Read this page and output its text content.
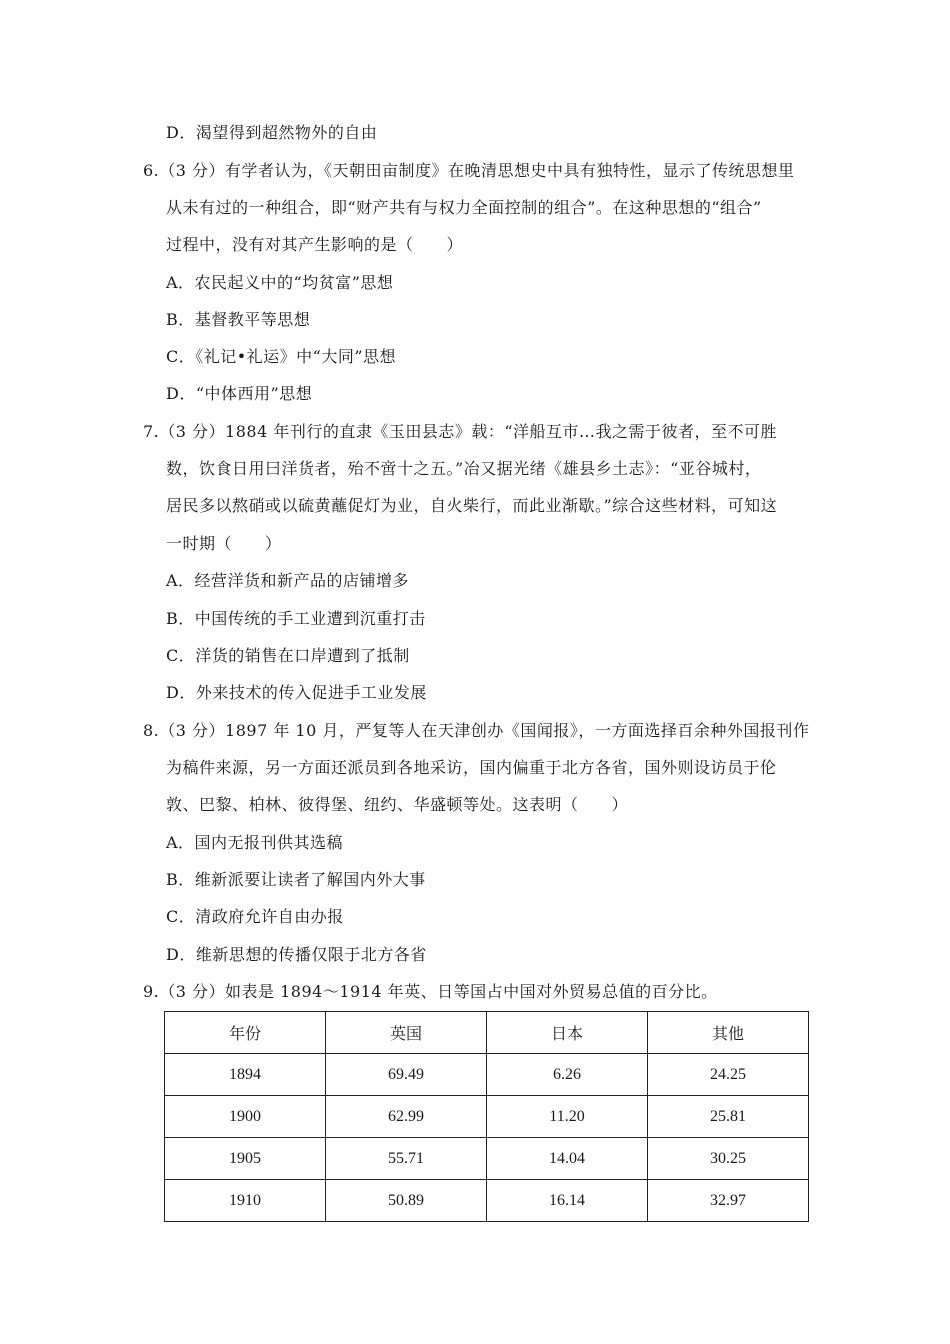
D．渴望得到超然物外的自由
6.（3 分）有学者认为，《天朝田亩制度》在晚清思想史中具有独特性，显示了传统思想里
从未有过的一种组合，即“财产共有与权力全面控制的组合”。在这种思想的“组合”
过程中，没有对其产生影响的是（　　）
A．农民起义中的“均贫富”思想
B．基督教平等思想
C．《礼记•礼运》中“大同”思想
D．“中体西用”思想
7.（3 分）1884 年刊行的直隶《玉田县志》载：“洋船互市…我之需于彼者，至不可胜
数，饮食日用曰洋货者，殆不啻十之五。”冶又据光绪《雄县乡土志》：“亚谷城村，
居民多以熬硝或以硫黄蘸促灯为业，自火柴行，而此业渐歇。”综合这些材料，可知这
一时期（　　）
A．经营洋货和新产品的店铺增多
B．中国传统的手工业遭到沉重打击
C．洋货的销售在口岸遭到了抵制
D．外来技术的传入促进手工业发展
8.（3 分）1897 年 10 月，严复等人在天津创办《国闻报》，一方面选择百余种外国报刊作
为稿件来源，另一方面还派员到各地采访，国内偏重于北方各省，国外则设访员于伦
敦、巴黎、柏林、彼得堡、纽约、华盛顿等处。这表明（　　）
A．国内无报刊供其选稿
B．维新派要让读者了解国内外大事
C．清政府允许自由办报
D．维新思想的传播仅限于北方各省
9.（3 分）如表是 1894～1914 年英、日等国占中国对外贸易总值的百分比。
年份	英国	日本	其他
1894	69.49	6.26	24.25
1900	62.99	11.20	25.81
1905	55.71	14.04	30.25
1910	50.89	16.14	32.97
